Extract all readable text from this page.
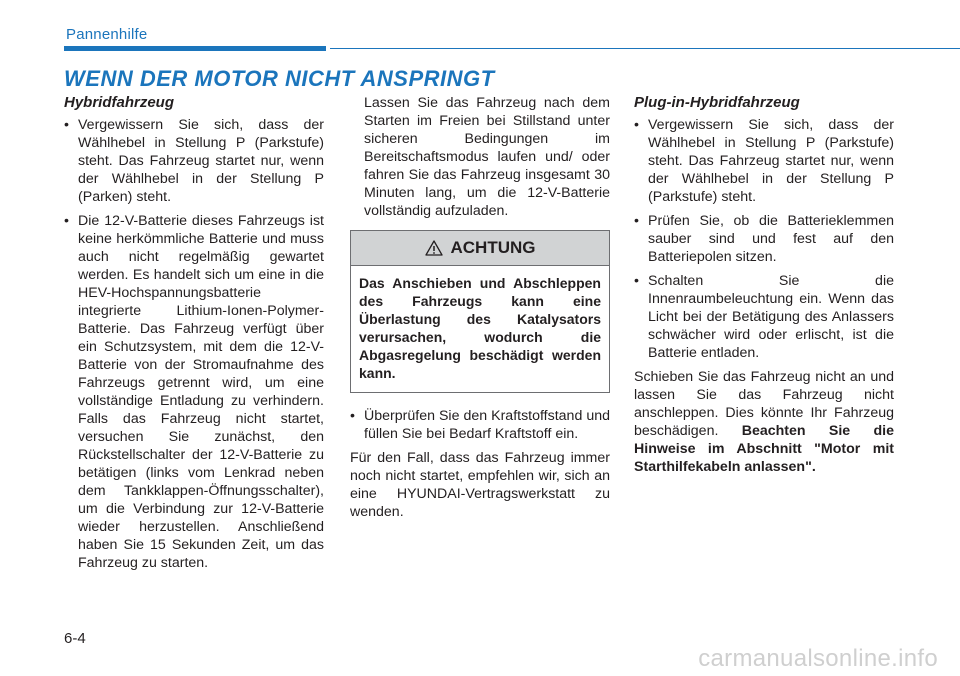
Pannenhilfe
WENN DER MOTOR NICHT ANSPRINGT
Hybridfahrzeug
• Vergewissern Sie sich, dass der Wählhebel in Stellung P (Parkstufe) steht. Das Fahrzeug startet nur, wenn der Wählhebel in der Stellung P (Parken) steht.
• Die 12-V-Batterie dieses Fahrzeugs ist keine herkömmliche Batterie und muss auch nicht regelmäßig gewartet werden. Es handelt sich um eine in die HEV-Hochspannungsbatterie integrierte Lithium-Ionen-Polymer-Batterie. Das Fahrzeug verfügt über ein Schutzsystem, mit dem die 12-V-Batterie von der Stromaufnahme des Fahrzeugs getrennt wird, um eine vollständige Entladung zu verhindern. Falls das Fahrzeug nicht startet, versuchen Sie zunächst, den Rückstellschalter der 12-V-Batterie zu betätigen (links vom Lenkrad neben dem Tankklappen-Öffnungsschalter), um die Verbindung zur 12-V-Batterie wieder herzustellen. Anschließend haben Sie 15 Sekunden Zeit, um das Fahrzeug zu starten.

Lassen Sie das Fahrzeug nach dem Starten im Freien bei Stillstand unter sicheren Bedingungen im Bereitschaftsmodus laufen und/ oder fahren Sie das Fahrzeug insgesamt 30 Minuten lang, um die 12-V-Batterie vollständig aufzuladen.

ACHTUNG
Das Anschieben und Abschleppen des Fahrzeugs kann eine Überlastung des Katalysators verursachen, wodurch die Abgasregelung beschädigt werden kann.
• Überprüfen Sie den Kraftstoffstand und füllen Sie bei Bedarf Kraftstoff ein.

Für den Fall, dass das Fahrzeug immer noch nicht startet, empfehlen wir, sich an eine HYUNDAI-Vertragswerkstatt zu wenden.

Plug-in-Hybridfahrzeug
• Vergewissern Sie sich, dass der Wählhebel in Stellung P (Parkstufe) steht. Das Fahrzeug startet nur, wenn der Wählhebel in der Stellung P (Parkstufe) steht.
• Prüfen Sie, ob die Batterieklemmen sauber sind und fest auf den Batteriepolen sitzen.
• Schalten Sie die Innenraumbeleuchtung ein. Wenn das Licht bei der Betätigung des Anlassers schwächer wird oder erlischt, ist die Batterie entladen.

Schieben Sie das Fahrzeug nicht an und lassen Sie das Fahrzeug nicht anschleppen. Dies könnte Ihr Fahrzeug beschädigen. Beachten Sie die Hinweise im Abschnitt "Motor mit Starthilfekabeln anlassen".

6-4
carmanualsonline.info
